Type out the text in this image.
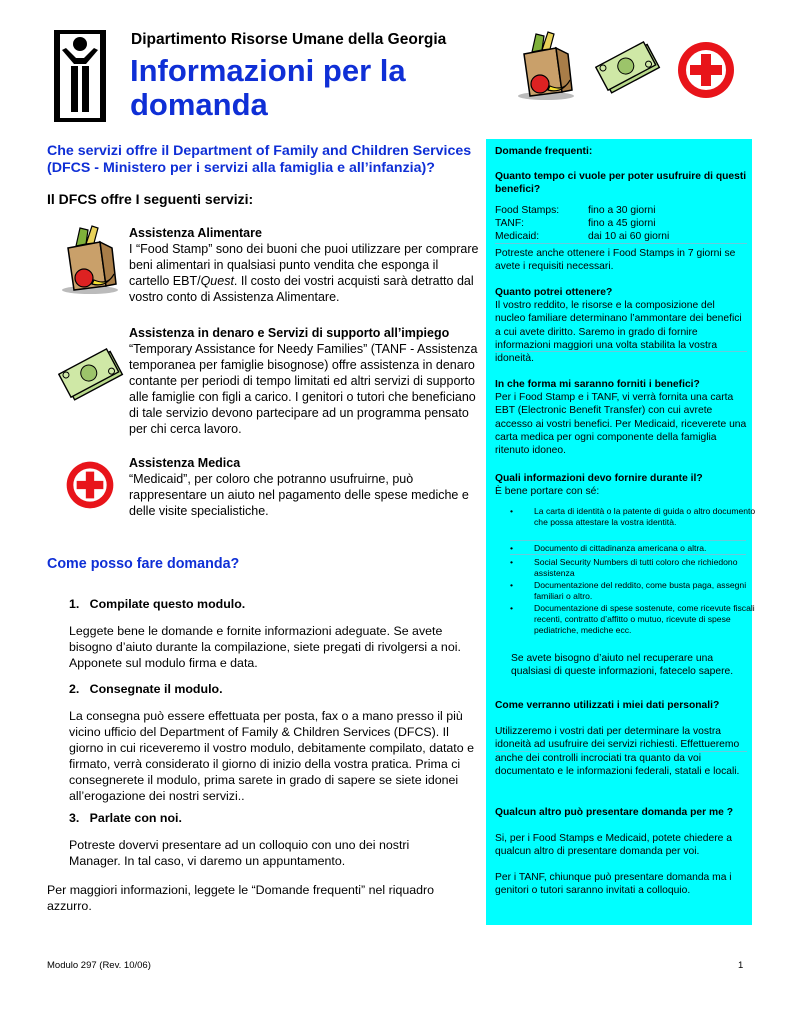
Dipartimento Risorse Umane della Georgia
Informazioni per la domanda
Che servizi offre il Department of Family and Children Services (DFCS - Ministero per i servizi alla famiglia e all’infanzia)?
Il DFCS offre I seguenti servizi:
Assistenza Alimentare
I “Food Stamp” sono dei buoni che puoi utilizzare per comprare beni alimentari in qualsiasi punto vendita che esponga il cartello EBT/Quest. Il costo dei vostri acquisti sarà detratto dal vostro conto di Assistenza Alimentare.
Assistenza in denaro e Servizi di supporto all’impiego
“Temporary Assistance for Needy Families” (TANF - Assistenza temporanea per famiglie bisognose) offre assistenza in denaro contante per periodi di tempo limitati ed altri servizi di supporto alle famiglie con figli a carico. I genitori o tutori che beneficiano di tale servizio devono partecipare ad un programma pensato per chi cerca lavoro.
Assistenza Medica
“Medicaid”, per coloro che potranno usufruirne, può rappresentare un aiuto nel pagamento delle spese mediche e delle visite specialistiche.
Come posso fare domanda?
1.   Compilate questo modulo.
Leggete bene le domande e fornite informazioni adeguate. Se avete bisogno d’aiuto durante la compilazione, siete pregati di rivolgersi a noi. Apponete sul modulo firma e data.
2.   Consegnate il modulo.
La consegna può essere effettuata per posta, fax o a mano presso il più vicino ufficio del Department of Family & Children Services (DFCS). Il giorno in cui riceveremo il vostro modulo, debitamente compilato, datato e firmato, verrà considerato il giorno di inizio della vostra pratica. Prima ci consegnerete il modulo, prima sarete in grado di sapere se siete idonei all’erogazione dei nostri servizi..
3.   Parlate con noi.
Potreste dovervi presentare ad un colloquio con uno dei nostri Manager. In tal caso, vi daremo un appuntamento.
Per maggiori informazioni, leggete le “Domande frequenti” nel riquadro azzurro.
Domande frequenti:
Quanto tempo ci vuole per poter usufruire di questi benefici?
Food Stamps:	fino a 30 giorni
TANF:	fino a 45 giorni
Medicaid:	dai 10 ai 60 giorni
Potreste anche ottenere i Food Stamps in 7 giorni se avete i requisiti necessari.
Quanto potrei ottenere?
Il vostro reddito, le risorse e la composizione del nucleo familiare determinano l’ammontare dei benefici a cui avete diritto. Saremo in grado di fornire informazioni maggiori una volta stabilita la vostra idoneità.
In che forma mi saranno forniti i benefici?
Per i Food Stamp e i TANF, vi verrà fornita una carta EBT (Electronic Benefit Transfer) con cui avrete accesso ai vostri benefici. Per Medicaid, riceverete una carta medica per ogni componente della famiglia ritenuto idoneo.
Quali informazioni devo fornire durante il?
È bene portare con sé:
• La carta di identità o la patente di guida o altro documento che possa attestare la vostra identità.
• Documento di cittadinanza americana o altra.
• Social Security Numbers di tutti coloro che richiedono assistenza
• Documentazione del reddito, come busta paga, assegni familiari o altro.
• Documentazione di spese sostenute, come ricevute fiscali recenti, contratto d’affitto o mutuo, ricevute di spese pediatriche, mediche ecc.
Se avete bisogno d’aiuto nel recuperare una qualsiasi di queste informazioni, fatecelo sapere.
Come verranno utilizzati i miei dati personali?
Utilizzeremo i vostri dati per determinare la vostra idoneità ad usufruire dei servizi richiesti. Effettueremo anche dei controlli incrociati tra quanto da voi documentato e le informazioni federali, statali e locali.
Qualcun altro può presentare domanda per me ?
Si, per i Food Stamps e Medicaid, potete chiedere a qualcun altro di presentare domanda per voi.
Per i TANF, chiunque può presentare domanda ma i genitori o tutori saranno invitati a colloquio.
Modulo 297 (Rev. 10/06)	1
